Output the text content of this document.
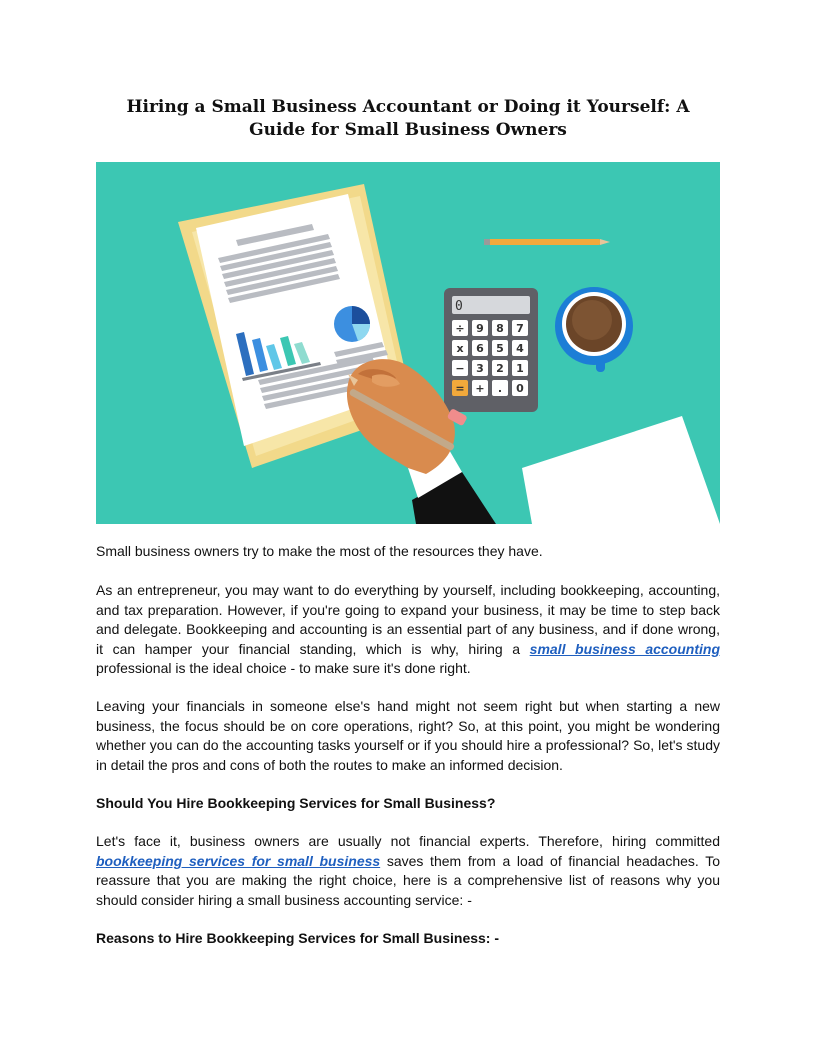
Hiring a Small Business Accountant or Doing it Yourself: A Guide for Small Business Owners
0
÷ 9 8 7
x 6 5 4
− 3 2 1
= + . 0
Small business owners try to make the most of the resources they have.
As an entrepreneur, you may want to do everything by yourself, including bookkeeping, accounting, and tax preparation. However, if you're going to expand your business, it may be time to step back and delegate. Bookkeeping and accounting is an essential part of any business, and if done wrong, it can hamper your financial standing, which is why, hiring a small business accounting professional is the ideal choice - to make sure it's done right.
Leaving your financials in someone else's hand might not seem right but when starting a new business, the focus should be on core operations, right? So, at this point, you might be wondering whether you can do the accounting tasks yourself or if you should hire a professional? So, let's study in detail the pros and cons of both the routes to make an informed decision.
Should You Hire Bookkeeping Services for Small Business?
Let's face it, business owners are usually not financial experts. Therefore, hiring committed bookkeeping services for small business saves them from a load of financial headaches. To reassure that you are making the right choice, here is a comprehensive list of reasons why you should consider hiring a small business accounting service: -
Reasons to Hire Bookkeeping Services for Small Business: -
